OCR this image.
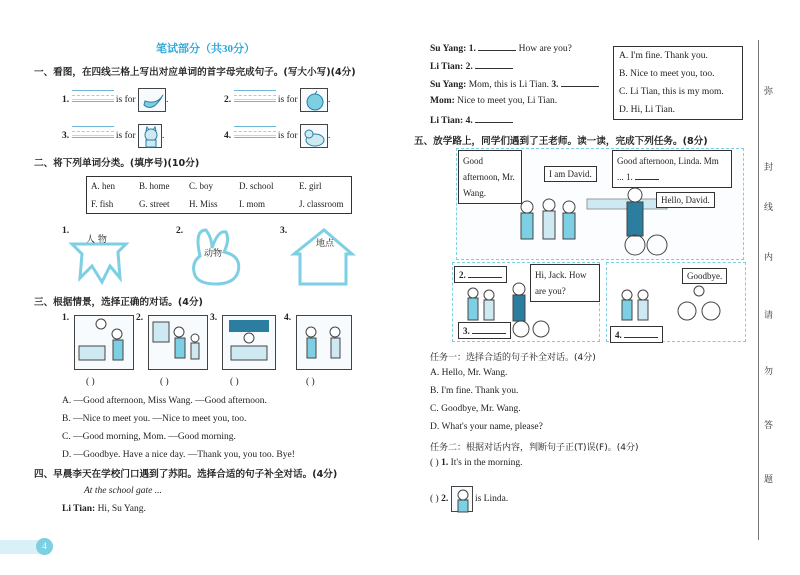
笔试部分（共30分）
一、看图，在四线三格上写出对应单词的首字母完成句子。(写大小写)(4分)
1.	is for	.	2.	is for	.
3.	is for	.	4.	is for	.
二、将下列单词分类。(填序号)(10分)
A. hen	B. home C. boy	D. school	E. girl
F. fish	G. street H. Miss I. mom	J. classroom
1.
人 物
2.
动物
3.
地点
三、根据情景，选择正确的对话。(4分)
1.	2.	3.	4.
( )	( )	( )	( )
A. —Good afternoon, Miss Wang. —Good afternoon.
B. —Nice to meet you. —Nice to meet you, too.
C. —Good morning, Mom. —Good morning.
D. —Goodbye. Have a nice day. —Thank you, you too. Bye!
四、早晨李天在学校门口遇到了苏阳。选择合适的句子补全对话。(4分)
At the school gate ...
Li Tian: Hi, Su Yang.
Su Yang: 1.	How are you?
Li Tian: 2.
Su Yang: Mom, this is Li Tian. 3.
Mom: Nice to meet you, Li Tian.
Li Tian: 4.
A. I'm fine. Thank you.
B. Nice to meet you, too.
C. Li Tian, this is my mom.
D. Hi, Li Tian.
五、放学路上，同学们遇到了王老师。读一读，完成下列任务。(8分)
Good afternoon, Mr. Wang.
I am David.
Good afternoon, Linda. Mm ... 1.
Hello, David.
2.	Hi, Jack. How are you?
Goodbye.
4.
3.
任务一：选择合适的句子补全对话。(4分)
A. Hello, Mr. Wang.
B. I'm fine. Thank you.
C. Goodbye, Mr. Wang.
D. What's your name, please?
任务二：根据对话内容，判断句子正(T)误(F)。(4分)
( ) 1. It's in the morning.
( ) 2.	is Linda.
弥
封
线
内
请
勿
答
题
4
